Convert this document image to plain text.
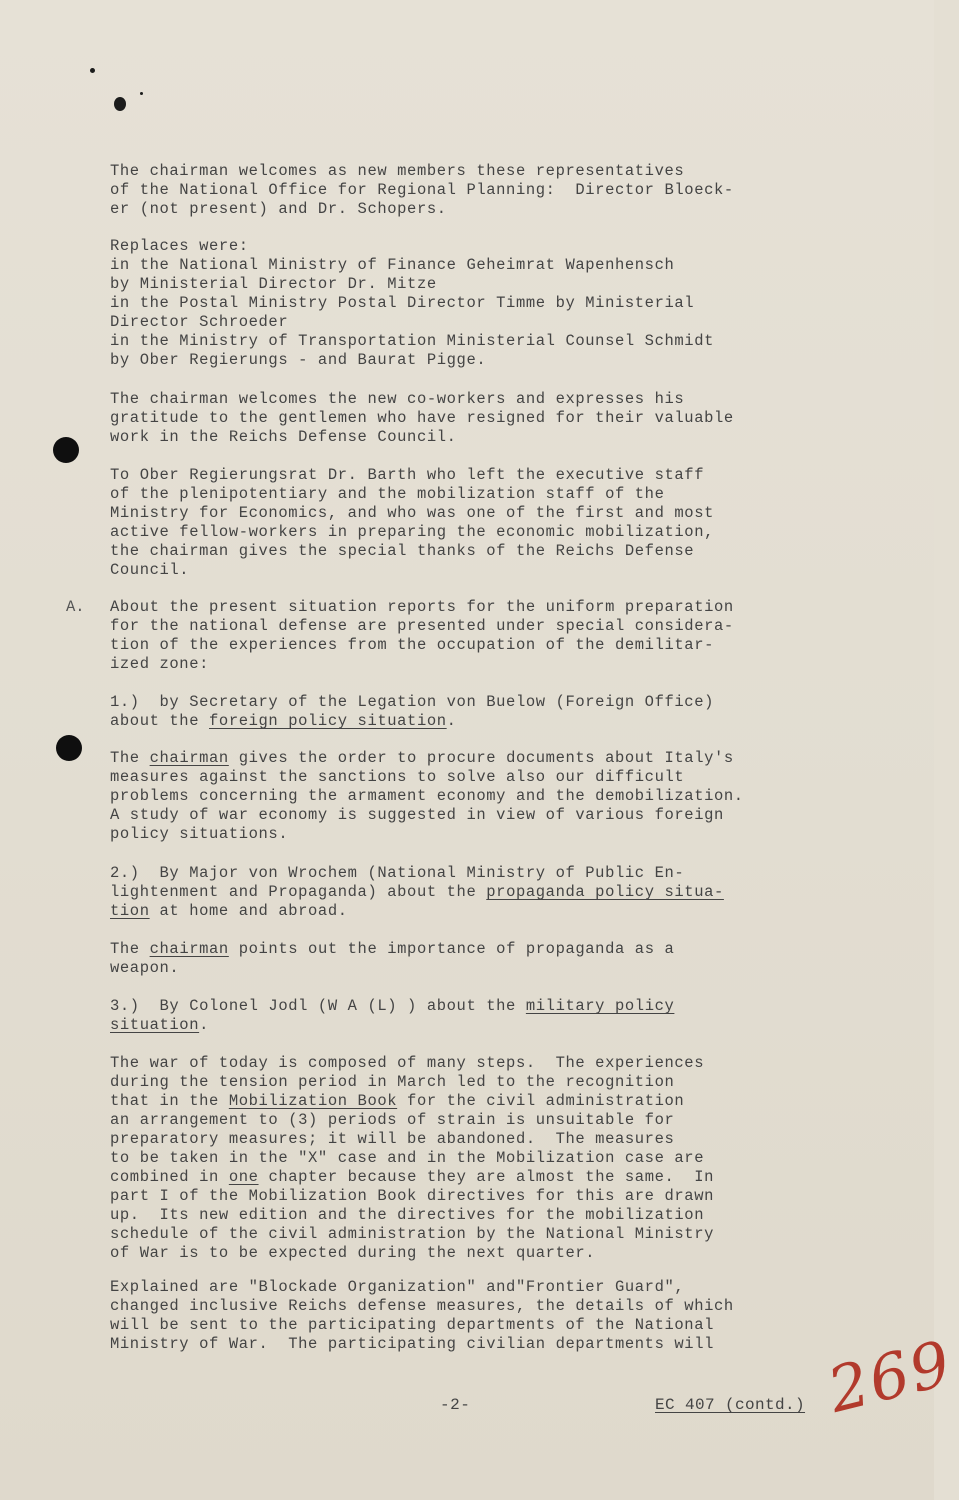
The chairman welcomes as new members these representatives
of the National Office for Regional Planning:  Director Bloeck-
er (not present) and Dr. Schopers.
Replaces were:
in the National Ministry of Finance Geheimrat Wapenhensch
by Ministerial Director Dr. Mitze
in the Postal Ministry Postal Director Timme by Ministerial
Director Schroeder
in the Ministry of Transportation Ministerial Counsel Schmidt
by Ober Regierungs - and Baurat Pigge.
The chairman welcomes the new co-workers and expresses his
gratitude to the gentlemen who have resigned for their valuable
work in the Reichs Defense Council.
To Ober Regierungsrat Dr. Barth who left the executive staff
of the plenipotentiary and the mobilization staff of the
Ministry for Economics, and who was one of the first and most
active fellow-workers in preparing the economic mobilization,
the chairman gives the special thanks of the Reichs Defense
Council.
A. About the present situation reports for the uniform preparation
for the national defense are presented under special considera-
tion of the experiences from the occupation of the demilitar-
ized zone:
1.)  by Secretary of the Legation von Buelow (Foreign Office)
about the foreign policy situation.
The chairman gives the order to procure documents about Italy's
measures against the sanctions to solve also our difficult
problems concerning the armament economy and the demobilization.
A study of war economy is suggested in view of various foreign
policy situations.
2.)  By Major von Wrochem (National Ministry of Public En-
lightenment and Propaganda) about the propaganda policy situa-
tion at home and abroad.
The chairman points out the importance of propaganda as a
weapon.
3.)  By Colonel Jodl (W A (L) ) about the military policy
situation.
The war of today is composed of many steps.  The experiences
during the tension period in March led to the recognition
that in the Mobilization Book for the civil administration
an arrangement to (3) periods of strain is unsuitable for
preparatory measures; it will be abandoned.  The measures
to be taken in the "X" case and in the Mobilization case are
combined in one chapter because they are almost the same.  In
part I of the Mobilization Book directives for this are drawn
up.  Its new edition and the directives for the mobilization
schedule of the civil administration by the National Ministry
of War is to be expected during the next quarter.
Explained are "Blockade Organization" and"Frontier Guard",
changed inclusive Reichs defense measures, the details of which
will be sent to the participating departments of the National
Ministry of War.  The participating civilian departments will
-2-	EC 407 (contd.) 269
